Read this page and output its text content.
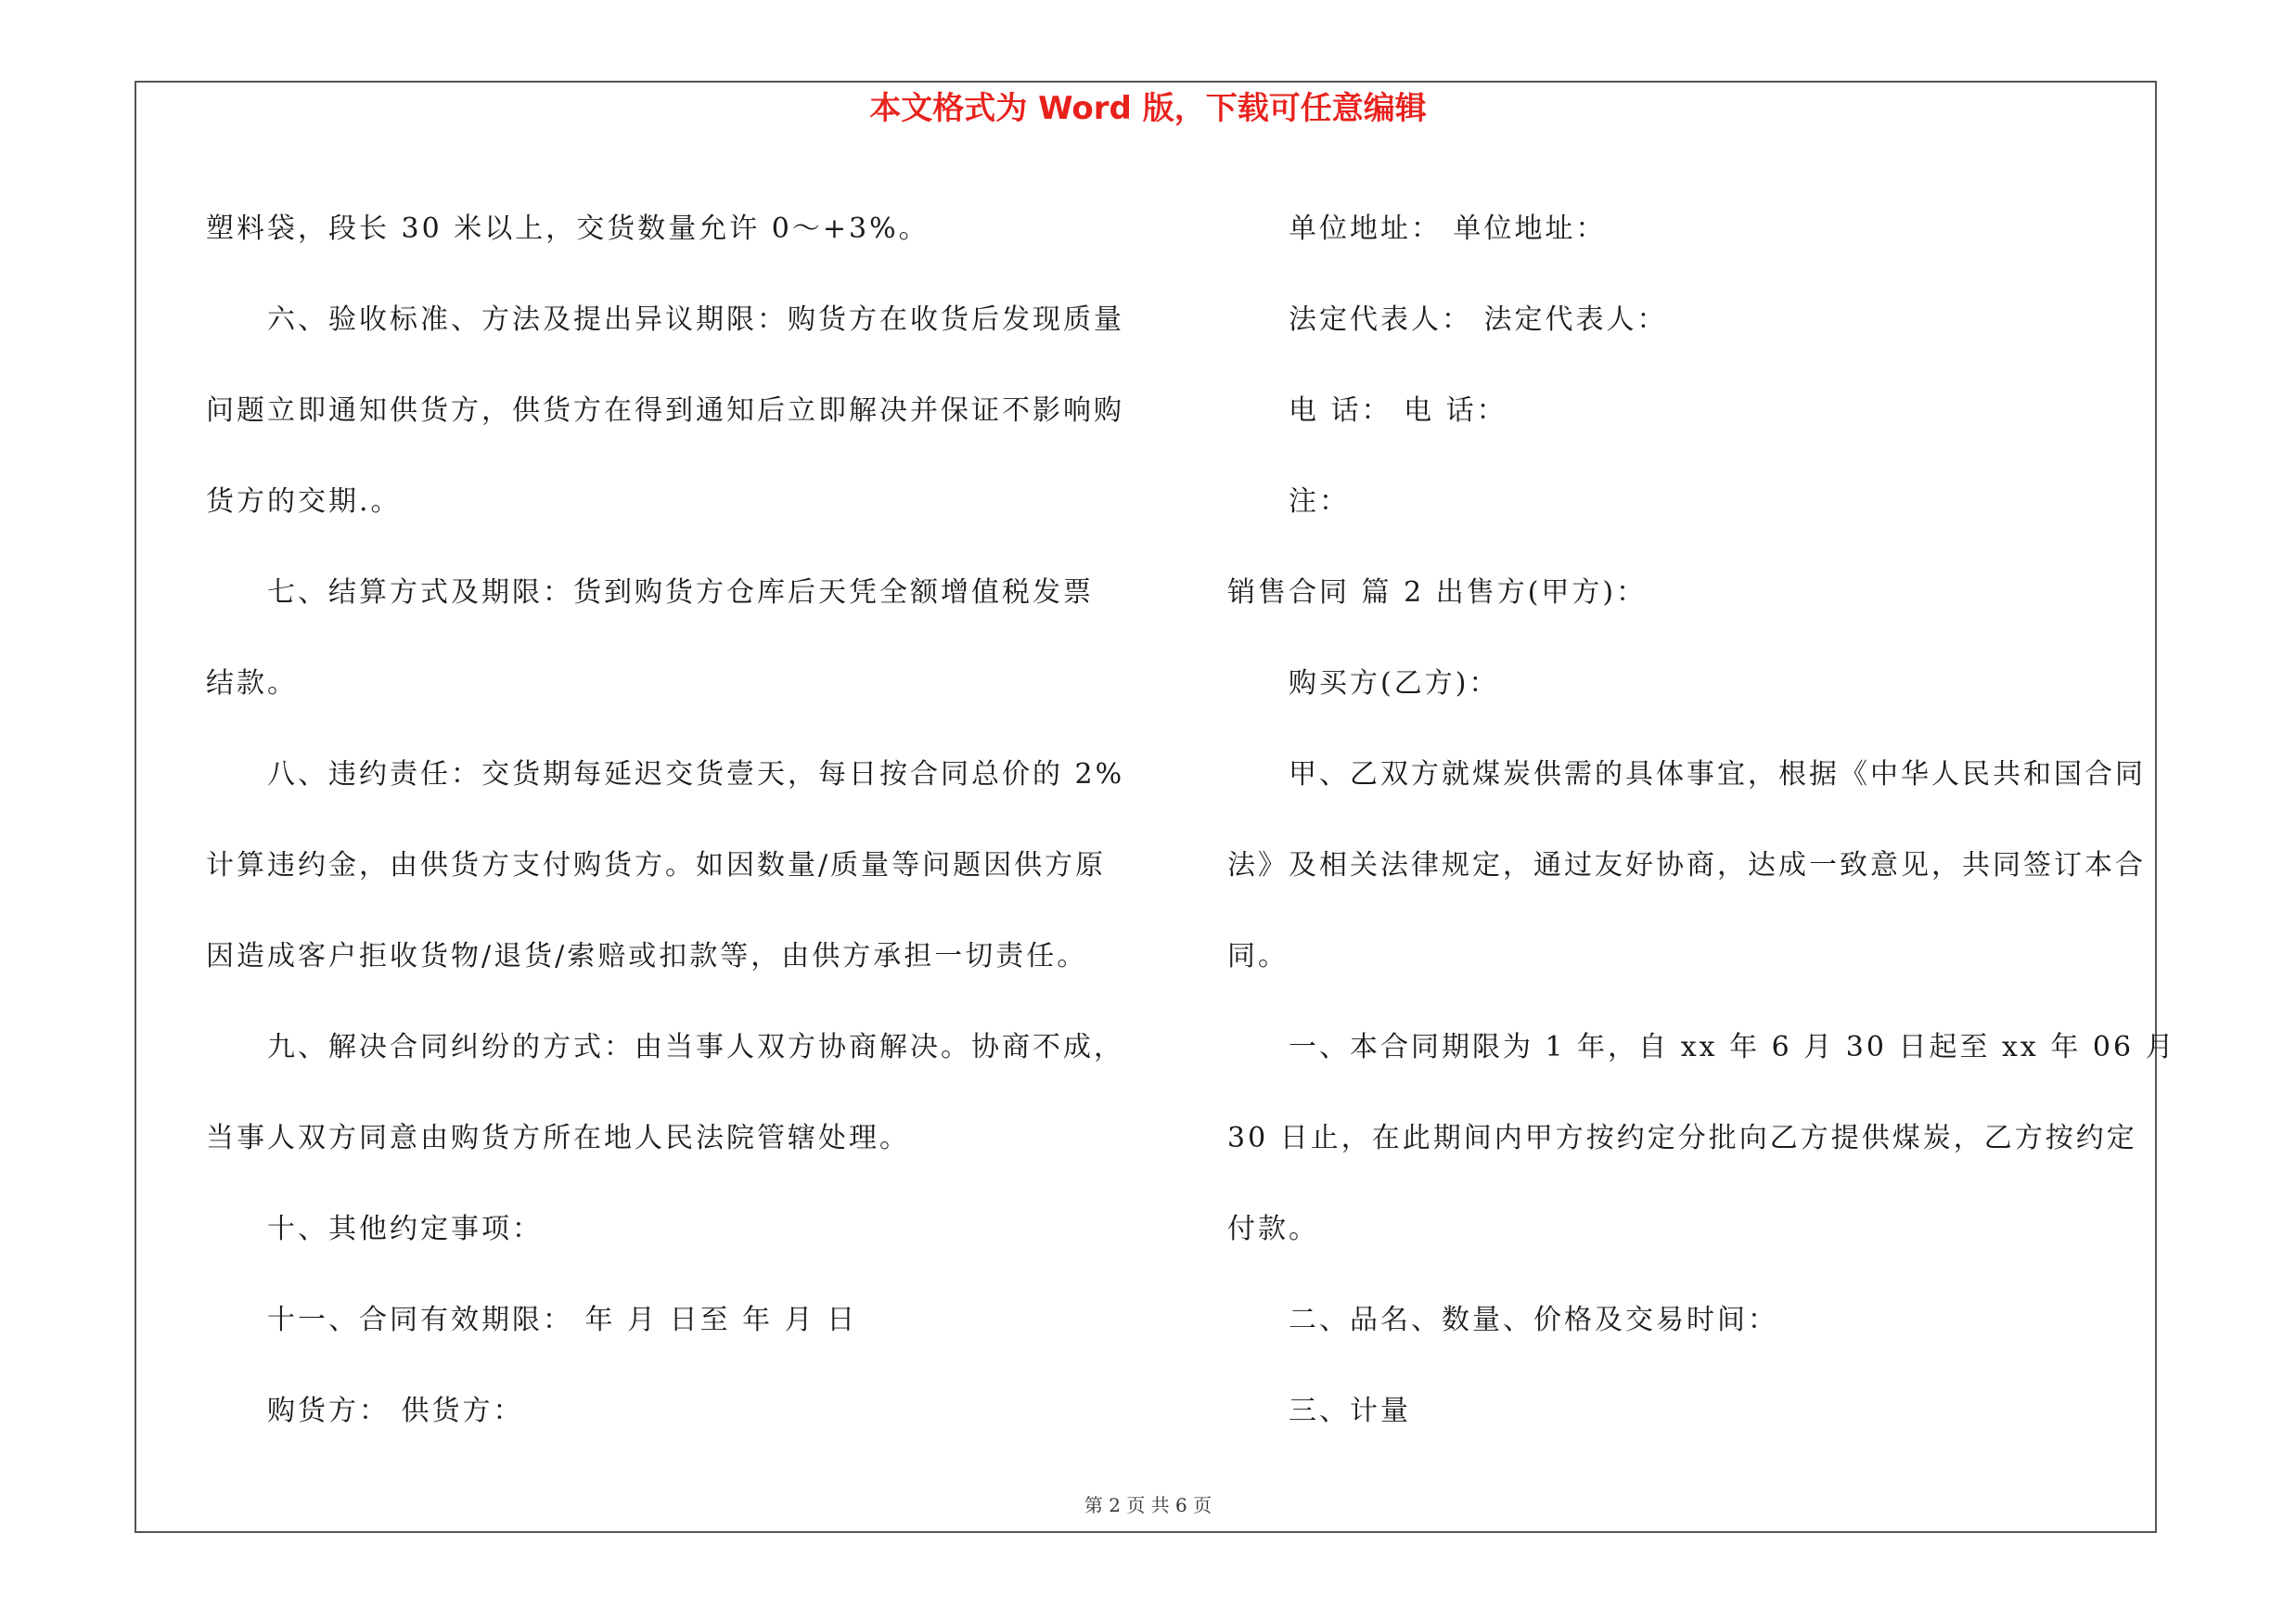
本文格式为 Word 版，下载可任意编辑
塑料袋，段长 30 米以上，交货数量允许 0～+3%。
六、验收标准、方法及提出异议期限：购货方在收货后发现质量
问题立即通知供货方，供货方在得到通知后立即解决并保证不影响购
货方的交期.。
七、结算方式及期限：货到购货方仓库后天凭全额增值税发票
结款。
八、违约责任：交货期每延迟交货壹天，每日按合同总价的 2%
计算违约金，由供货方支付购货方。如因数量/质量等问题因供方原
因造成客户拒收货物/退货/索赔或扣款等，由供方承担一切责任。
九、解决合同纠纷的方式：由当事人双方协商解决。协商不成，
当事人双方同意由购货方所在地人民法院管辖处理。
十、其他约定事项：
十一、合同有效期限： 年 月 日至 年 月 日
购货方： 供货方：
单位地址： 单位地址：
法定代表人： 法定代表人：
电 话： 电 话：
注：
销售合同 篇 2 出售方(甲方)：
购买方(乙方)：
甲、乙双方就煤炭供需的具体事宜，根据《中华人民共和国合同
法》及相关法律规定，通过友好协商，达成一致意见，共同签订本合
同。
一、本合同期限为 1 年，自 xx 年 6 月 30 日起至 xx 年 06 月
30 日止，在此期间内甲方按约定分批向乙方提供煤炭，乙方按约定
付款。
二、品名、数量、价格及交易时间：
三、计量
第 2 页 共 6 页
